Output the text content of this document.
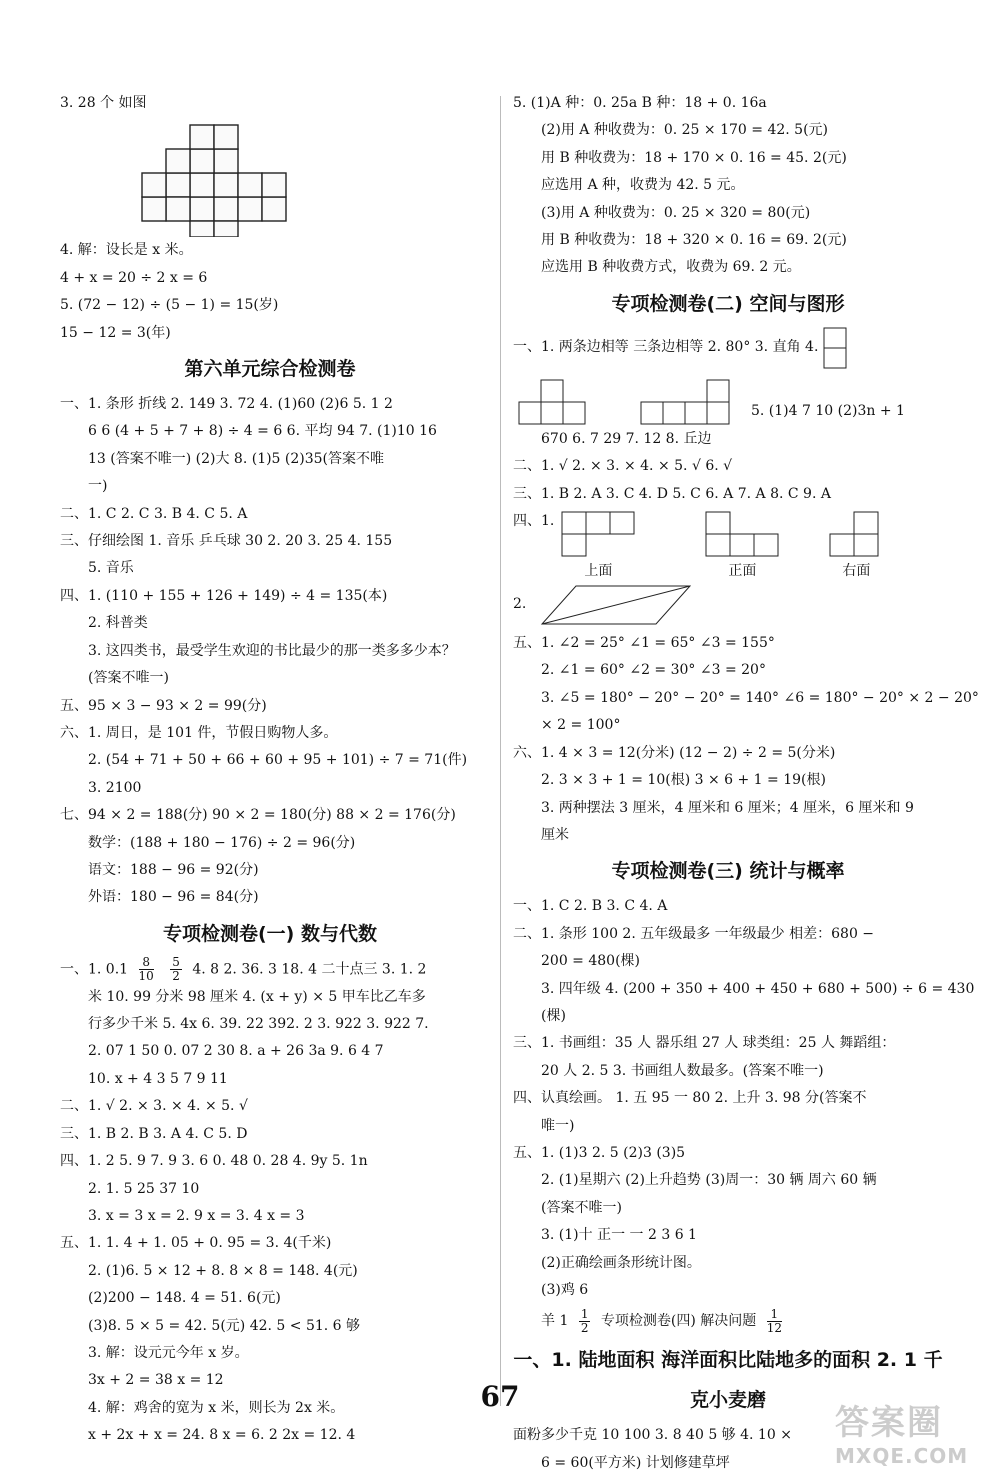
3. 28 个 如图
4. 解：设长是 x 米。
4 + x = 20 ÷ 2 x = 6
5. (72 − 12) ÷ (5 − 1) = 15(岁)
15 − 12 = 3(年)
第六单元综合检测卷
一、1. 条形 折线 2. 149 3. 72 4. (1)60 (2)6 5. 1 2
6 6 (4 + 5 + 7 + 8) ÷ 4 = 6 6. 平均 94 7. (1)10 16
13 (答案不唯一) (2)大 8. (1)5 (2)35(答案不唯
一)
二、1. C 2. C 3. B 4. C 5. A
三、仔细绘图 1. 音乐 乒乓球 30 2. 20 3. 25 4. 155
5. 音乐
四、1. (110 + 155 + 126 + 149) ÷ 4 = 135(本)
2. 科普类
3. 这四类书，最受学生欢迎的书比最少的那一类多多少本？
(答案不唯一)
五、95 × 3 − 93 × 2 = 99(分)
六、1. 周日，是 101 件，节假日购物人多。
2. (54 + 71 + 50 + 66 + 60 + 95 + 101) ÷ 7 = 71(件)
3. 2100
七、94 × 2 = 188(分) 90 × 2 = 180(分) 88 × 2 = 176(分)
数学：(188 + 180 − 176) ÷ 2 = 96(分)
语文：188 − 96 = 92(分)
外语：180 − 96 = 84(分)
专项检测卷(一) 数与代数
一、1. $0.1 \frac{8}{10}$
$\frac{5}{2} 4$. 8 2. 36. 3 18. 4 二十点三 3. 1. 2
米 10. 99 分米 98 厘米 4. (x + y) × 5 甲车比乙车多
行多少千米 5. 4x 6. 39. 22 392. 2 3. 922 3. 922 7.
2. 07 1 50 0. 07 2 30 8. a + 26 3a 9. 6 4 7
10. x + 4 3 5 7 9 11
二、1. √ 2. × 3. × 4. × 5. √
三、1. B 2. B 3. A 4. C 5. D
四、1. 2 5. 9 7. 9 3. 6 0. 48 0. 28 4. 9y 5. 1n
2. 1. 5 25 37 10
3. x = 3 x = 2. 9 x = 3. 4 x = 3
五、1. 1. 4 + 1. 05 + 0. 95 = 3. 4(千米)
2. (1)6. 5 × 12 + 8. 8 × 8 = 148. 4(元)
(2)200 − 148. 4 = 51. 6(元)
(3)8. 5 × 5 = 42. 5(元) 42. 5 < 51. 6 够
3. 解：设元元今年 x 岁。
3x + 2 = 38 x = 12
4. 解：鸡舍的宽为 x 米，则长为 2x 米。
x + 2x + x = 24. 8 x = 6. 2 2x = 12. 4
5. (1)A 种：0. 25a B 种：18 + 0. 16a
(2)用 A 种收费为：0. 25 × 170 = 42. 5(元)
用 B 种收费为：18 + 170 × 0. 16 = 45. 2(元)
应选用 A 种，收费为 42. 5 元。
(3)用 A 种收费为：0. 25 × 320 = 80(元)
用 B 种收费为：18 + 320 × 0. 16 = 69. 2(元)
应选用 B 种收费方式，收费为 69. 2 元。
专项检测卷(二) 空间与图形
一、1. 两条边相等 三条边相等 2. 80° 3. 直角 4.
5. (1)4 7 10 (2)3n + 1
670 6. 7 29 7. 12 8. 丘边
二、1. √ 2. × 3. × 4. × 5. √ 6. √
三、1. B 2. A 3. C 4. D 5. C 6. A 7. A 8. C 9. A
四、1.
上面	正面	右面
2.
五、1. ∠2 = 25° ∠1 = 65° ∠3 = 155°
2. ∠1 = 60° ∠2 = 30° ∠3 = 20°
3. ∠5 = 180° − 20° − 20° = 140° ∠6 = 180° − 20° × 2 − 20°
× 2 = 100°
六、1. 4 × 3 = 12(分米) (12 − 2) ÷ 2 = 5(分米)
2. 3 × 3 + 1 = 10(根) 3 × 6 + 1 = 19(根)
3. 两种摆法 3 厘米，4 厘米和 6 厘米；4 厘米，6 厘米和 9
厘米
专项检测卷(三) 统计与概率
一、1. C 2. B 3. C 4. A
二、1. 条形 100 2. 五年级最多 一年级最少 相差：680 −
200 = 480(棵)
3. 四年级 4. (200 + 350 + 400 + 450 + 680 + 500) ÷ 6 = 430
(棵)
三、1. 书画组：35 人 器乐组 27 人 球类组：25 人 舞蹈组：
20 人 2. 5 3. 书画组人数最多。(答案不唯一)
四、认真绘画。 1. 五 95 一 80 2. 上升 3. 98 分(答案不
唯一)
五、1. (1)3 2. 5 (2)3 (3)5
2. (1)星期六 (2)上升趋势 (3)周一：30 辆 周六 60 辆
(答案不唯一)
3. (1)十 正一 一 2 3 6 1
(2)正确绘画条形统计图。
(3)鸡 6
羊 $1 \frac{1}{2}$ 专项检测卷(四) 解决问题 $\frac{1}{12}$
一、1. 陆地面积 海洋面积比陆地多的面积 2. 1 千克小麦磨
面粉多少千克 10 100 3. 8 40 5 够 4. 10 ×
6 = 60(平方米) 计划修建草坪
67
答案圈
MXQE.COM
